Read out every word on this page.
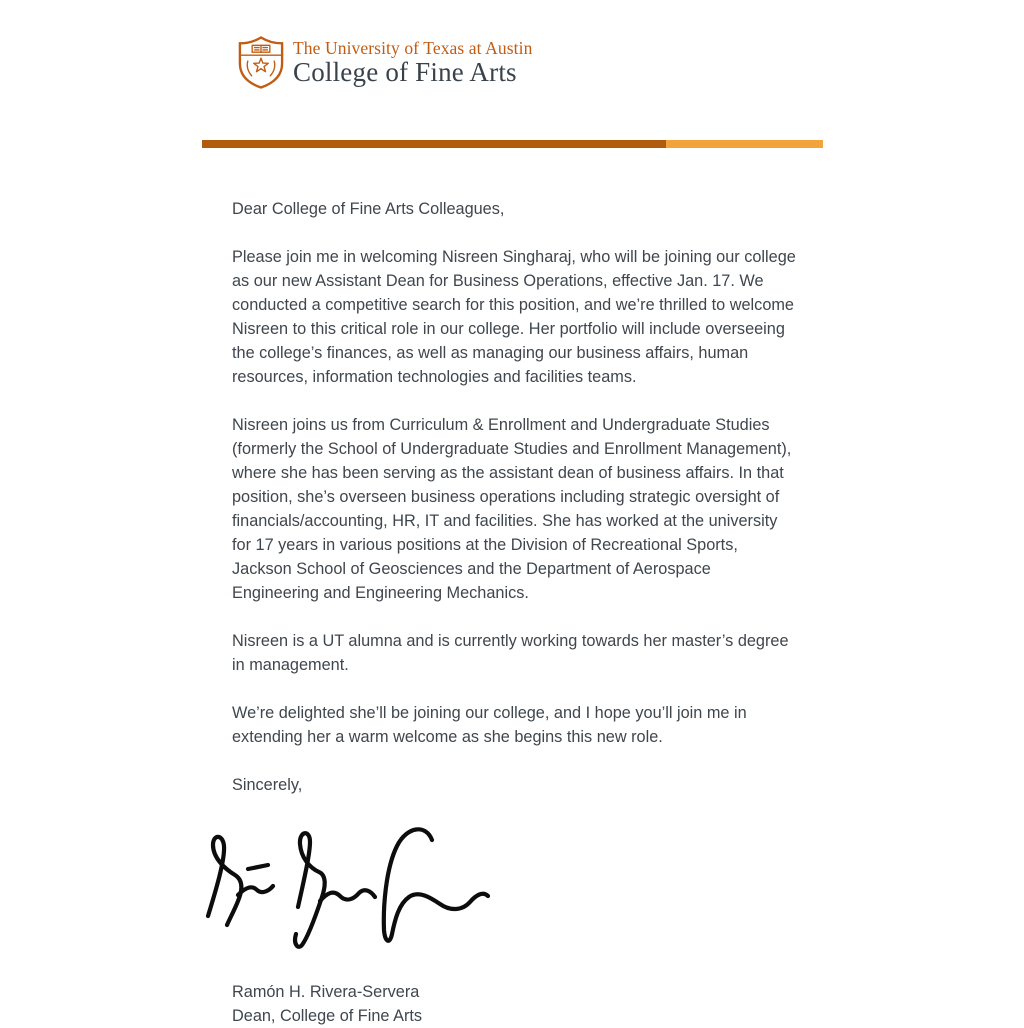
The University of Texas at Austin
College of Fine Arts

Dear College of Fine Arts Colleagues,

Please join me in welcoming Nisreen Singharaj, who will be joining our college as our new Assistant Dean for Business Operations, effective Jan. 17. We conducted a competitive search for this position, and we’re thrilled to welcome Nisreen to this critical role in our college. Her portfolio will include overseeing the college’s finances, as well as managing our business affairs, human resources, information technologies and facilities teams.

Nisreen joins us from Curriculum & Enrollment and Undergraduate Studies (formerly the School of Undergraduate Studies and Enrollment Management), where she has been serving as the assistant dean of business affairs. In that position, she’s overseen business operations including strategic oversight of financials/accounting, HR, IT and facilities. She has worked at the university for 17 years in various positions at the Division of Recreational Sports, Jackson School of Geosciences and the Department of Aerospace Engineering and Engineering Mechanics.

Nisreen is a UT alumna and is currently working towards her master’s degree in management.

We’re delighted she’ll be joining our college, and I hope you’ll join me in extending her a warm welcome as she begins this new role.

Sincerely,

Ramón H. Rivera-Servera
Dean, College of Fine Arts
